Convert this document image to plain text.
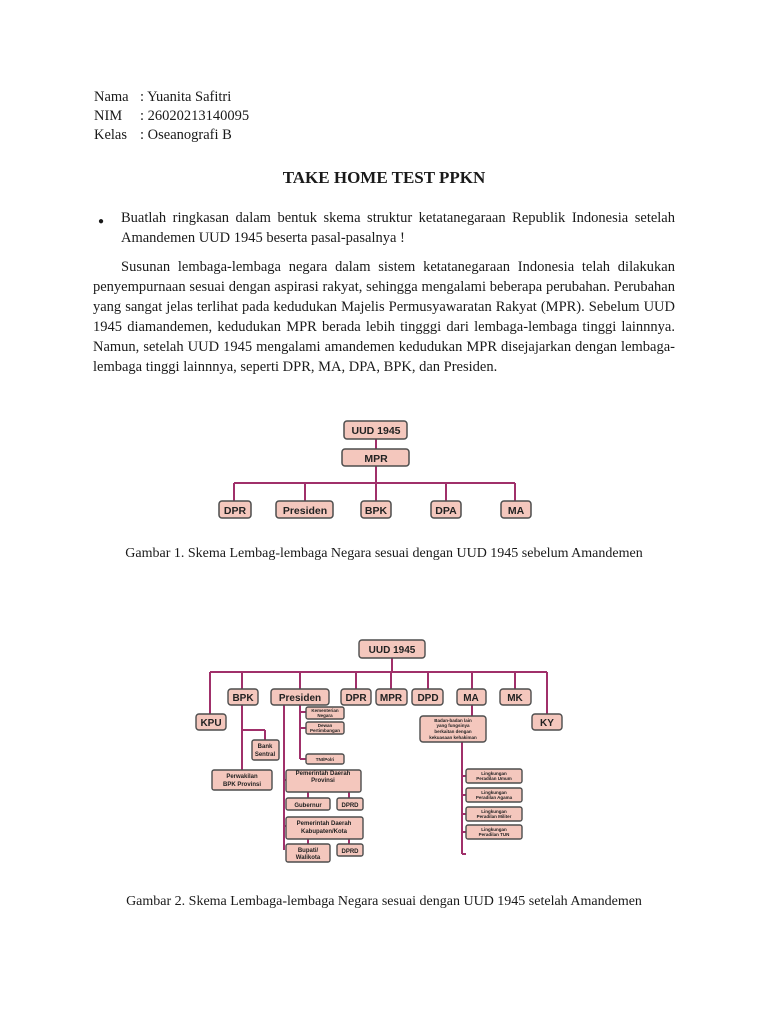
Nama : Yuanita Safitri
NIM : 26020213140095
Kelas : Oseanografi B
TAKE HOME TEST PPKN
● Buatlah ringkasan dalam bentuk skema struktur ketatanegaraan Republik Indonesia setelah Amandemen UUD 1945 beserta pasal-pasalnya !
Susunan lembaga-lembaga negara dalam sistem ketatanegaraan Indonesia telah dilakukan penyempurnaan sesuai dengan aspirasi rakyat, sehingga mengalami beberapa perubahan. Perubahan yang sangat jelas terlihat pada kedudukan Majelis Permusyawaratan Rakyat (MPR). Sebelum UUD 1945 diamandemen, kedudukan MPR berada lebih tingggi dari lembaga-lembaga tinggi lainnnya. Namun, setelah UUD 1945 mengalami amandemen kedudukan MPR disejajarkan dengan lembaga-lembaga tinggi lainnnya, seperti DPR, MA, DPA, BPK, dan Presiden.
UUD 1945
MPR
DPR	Presiden	BPK	DPA	MA
Gambar 1. Skema Lembag-lembaga Negara sesuai dengan UUD 1945 sebelum Amandemen
UUD 1945
BPK	Presiden DPR MPR DPD MA	MK
KPU	KY
Bank
Sentral
Perwakilan
BPK Provinsi
Provinsi
Pemerintah Daerah
Gubernur	DPRD
Pemerintah Daerah
Kabupaten/Kota
Bupati/
Walikota
DPRD
Kementerian
Negara
Dewan
Pertimbangan
TNI/Polri
Badan-badan lain
yang fungsinya
berkaitan dengan
kekuasaan kehakiman
Lingkungan
Peradilan Umum
Lingkungan
Peradilan Agama
Lingkungan
Peradilan Militer
Lingkungan
Peradilan TUN
Gambar 2. Skema Lembaga-lembaga Negara sesuai dengan UUD 1945 setelah Amandemen
